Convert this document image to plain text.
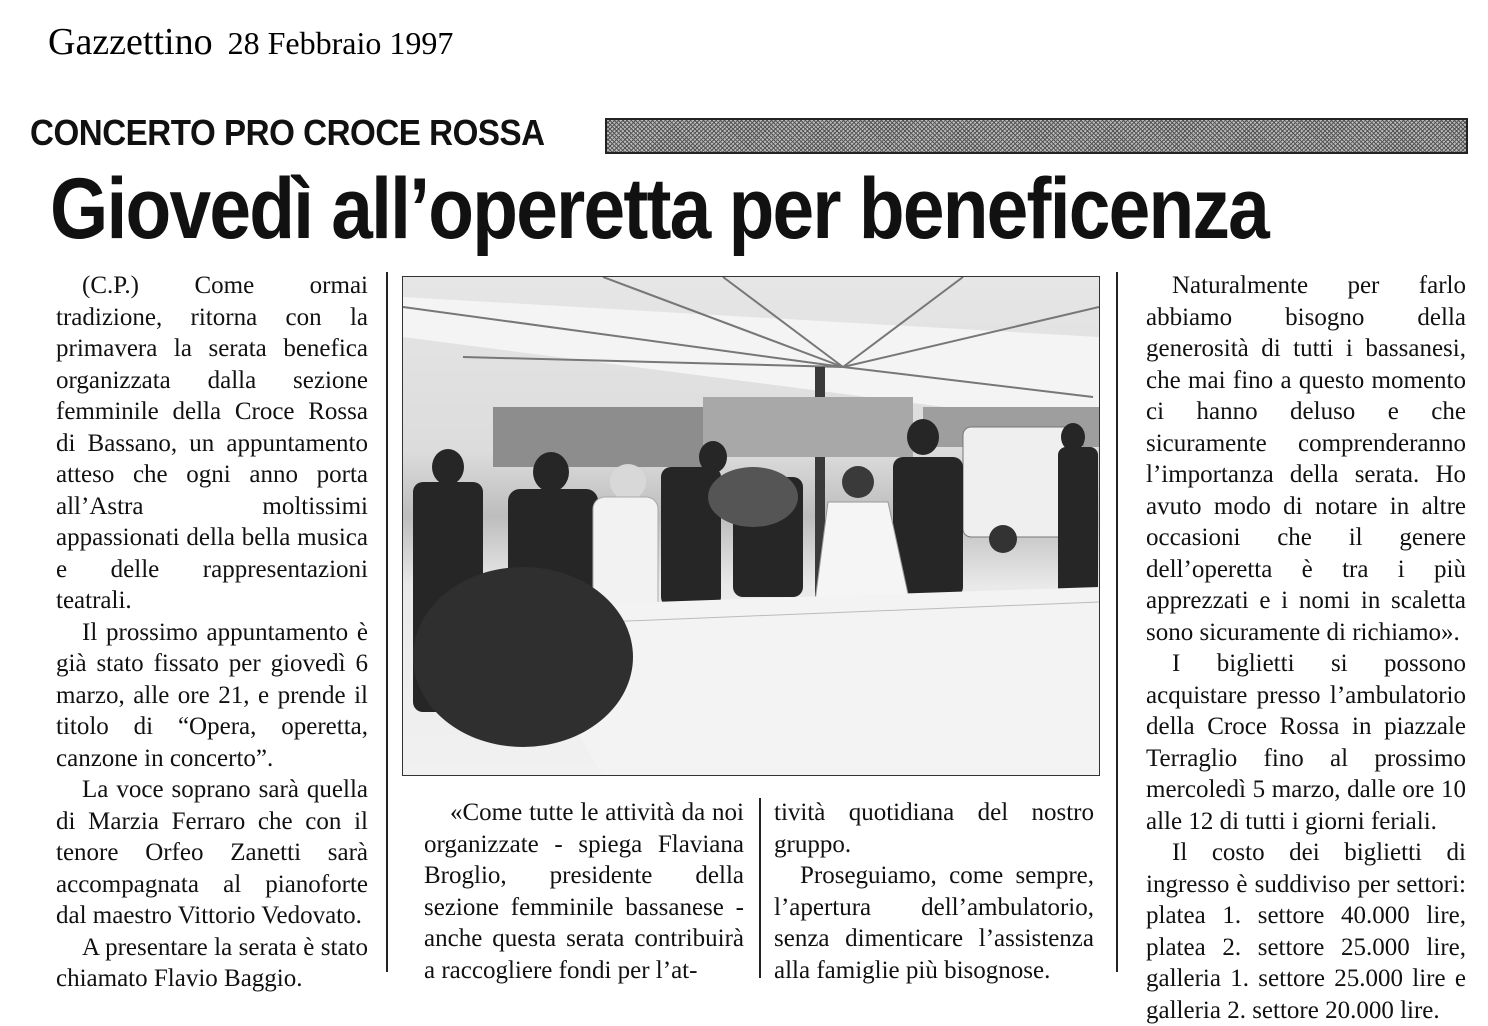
Gazzettino 28 Febbraio 1997
CONCERTO PRO CROCE ROSSA
Giovedì all’operetta per beneficenza

(C.P.) Come ormai tradizione, ritorna con la primavera la serata benefica organizzata dalla sezione femminile della Croce Rossa di Bassano, un appuntamento atteso che ogni anno porta all’Astra moltissimi appassionati della bella musica e delle rappresentazioni teatrali.

Il prossimo appuntamento è già stato fissato per giovedì 6 marzo, alle ore 21, e prende il titolo di “Opera, operetta, canzone in concerto”.

La voce soprano sarà quella di Marzia Ferraro che con il tenore Orfeo Zanetti sarà accompagnata al pianoforte dal maestro Vittorio Vedovato.

A presentare la serata è stato chiamato Flavio Baggio.

«Come tutte le attività da noi organizzate - spiega Flaviana Broglio, presidente della sezione femminile bassanese - anche questa serata contribuirà a raccogliere fondi per l’at-

tività quotidiana del nostro gruppo.

Proseguiamo, come sempre, l’apertura dell’ambulatorio, senza dimenticare l’assistenza alla famiglie più bisognose.

Naturalmente per farlo abbiamo bisogno della generosità di tutti i bassanesi, che mai fino a questo momento ci hanno deluso e che sicuramente comprenderanno l’importanza della serata. Ho avuto modo di notare in altre occasioni che il genere dell’operetta è tra i più apprezzati e i nomi in scaletta sono sicuramente di richiamo».

I biglietti si possono acquistare presso l’ambulatorio della Croce Rossa in piazzale Terraglio fino al prossimo mercoledì 5 marzo, dalle ore 10 alle 12 di tutti i giorni feriali.

Il costo dei biglietti di ingresso è suddiviso per settori: platea 1. settore 40.000 lire, platea 2. settore 25.000 lire, galleria 1. settore 25.000 lire e galleria 2. settore 20.000 lire.
